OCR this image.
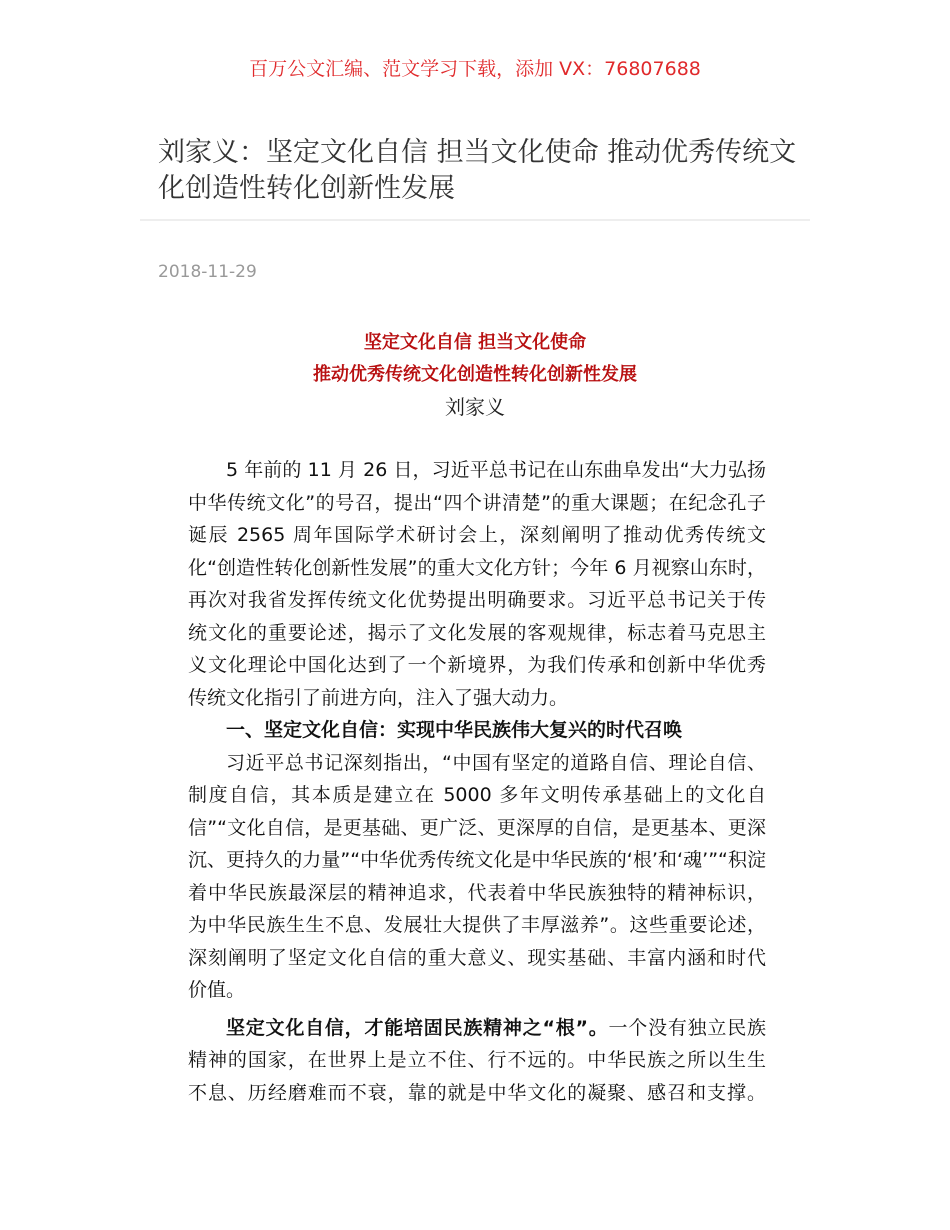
百万公文汇编、范文学习下载，添加 VX：76807688
刘家义：坚定文化自信 担当文化使命 推动优秀传统文化创造性转化创新性发展
2018-11-29
坚定文化自信 担当文化使命
推动优秀传统文化创造性转化创新性发展
刘家义
5 年前的 11 月 26 日，习近平总书记在山东曲阜发出“大力弘扬
中华传统文化”的号召，提出“四个讲清楚”的重大课题；在纪念孔子
诞辰 2565 周年国际学术研讨会上，深刻阐明了推动优秀传统文
化“创造性转化创新性发展”的重大文化方针；今年 6 月视察山东时，
再次对我省发挥传统文化优势提出明确要求。习近平总书记关于传
统文化的重要论述，揭示了文化发展的客观规律，标志着马克思主
义文化理论中国化达到了一个新境界，为我们传承和创新中华优秀
传统文化指引了前进方向，注入了强大动力。
一、坚定文化自信：实现中华民族伟大复兴的时代召唤
习近平总书记深刻指出，“中国有坚定的道路自信、理论自信、
制度自信，其本质是建立在 5000 多年文明传承基础上的文化自
信”“文化自信，是更基础、更广泛、更深厚的自信，是更基本、更深
沉、更持久的力量”“中华优秀传统文化是中华民族的‘根’和‘魂’”“积淀
着中华民族最深层的精神追求，代表着中华民族独特的精神标识，
为中华民族生生不息、发展壮大提供了丰厚滋养”。这些重要论述，
深刻阐明了坚定文化自信的重大意义、现实基础、丰富内涵和时代
价值。
坚定文化自信，才能培固民族精神之“根”。一个没有独立民族
精神的国家，在世界上是立不住、行不远的。中华民族之所以生生
不息、历经磨难而不衰，靠的就是中华文化的凝聚、感召和支撑。
